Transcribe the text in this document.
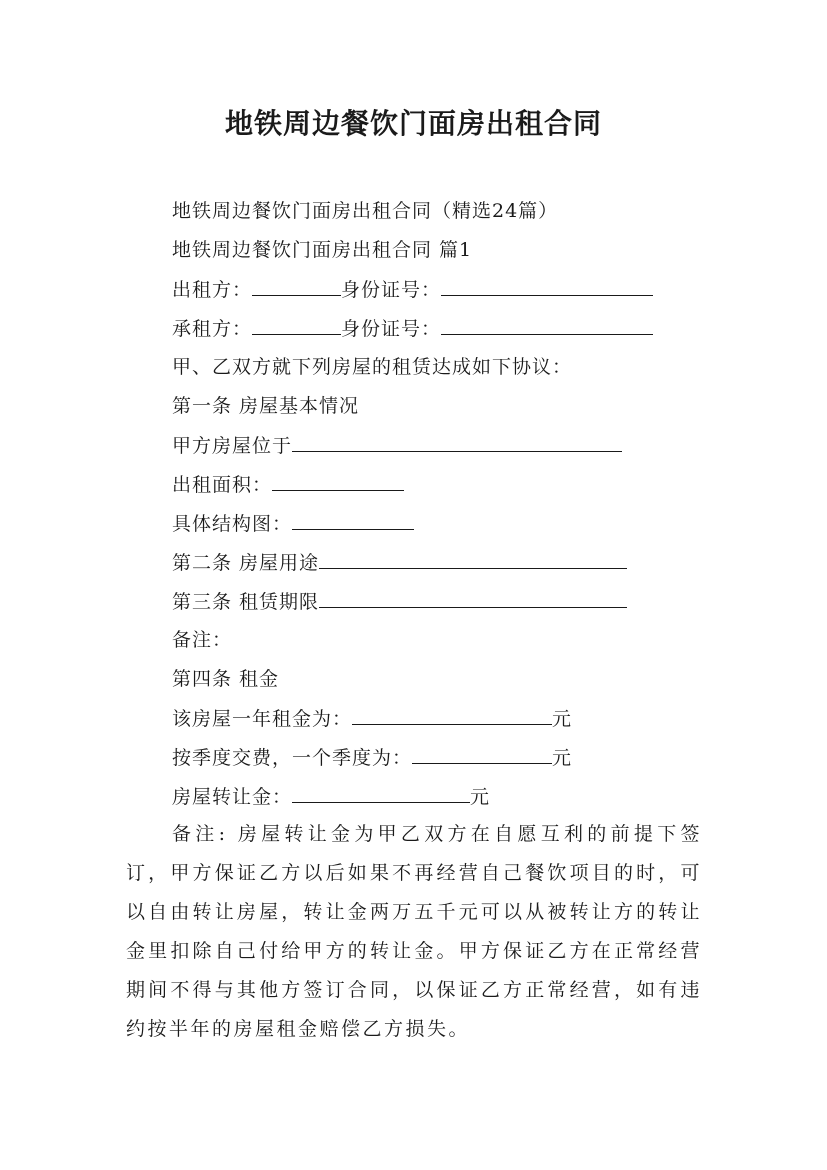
地铁周边餐饮门面房出租合同
地铁周边餐饮门面房出租合同（精选24篇）
地铁周边餐饮门面房出租合同 篇1
出租方：	身份证号：
承租方：	身份证号：
甲、乙双方就下列房屋的租赁达成如下协议：
第一条 房屋基本情况
甲方房屋位于
出租面积：
具体结构图：
第二条 房屋用途
第三条 租赁期限
备注：
第四条 租金
该房屋一年租金为：	元
按季度交费，一个季度为：	元
房屋转让金：	元
备注: 房屋转让金为甲乙双方在自愿互利的前提下签订，甲方保证乙方以后如果不再经营自己餐饮项目的时，可以自由转让房屋，转让金两万五千元可以从被转让方的转让金里扣除自己付给甲方的转让金。甲方保证乙方在正常经营期间不得与其他方签订合同，以保证乙方正常经营，如有违约按半年的房屋租金赔偿乙方损失。
